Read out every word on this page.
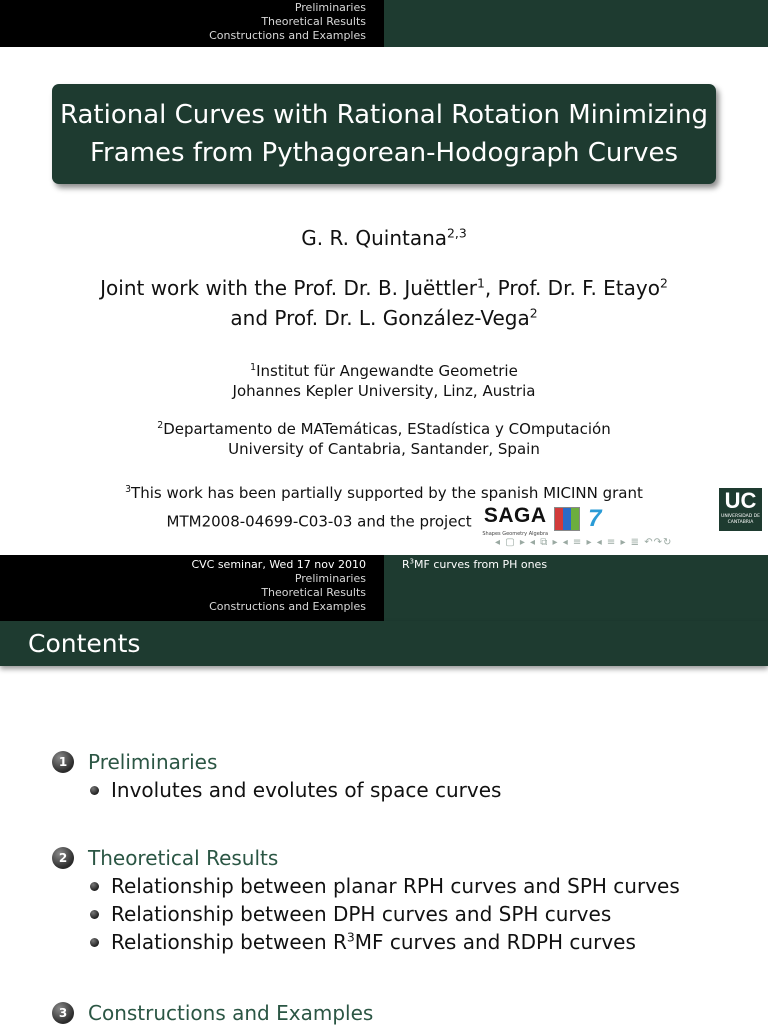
Preliminaries
Theoretical Results
Constructions and Examples
Rational Curves with Rational Rotation Minimizing
Frames from Pythagorean-Hodograph Curves
G. R. Quintana$^{2,3}$
Joint work with the Prof. Dr. B. Juëttler$^1$, Prof. Dr. F. Etayo$^2$
and Prof. Dr. L. González-Vega$^2$
$^1$Institut für Angewandte Geometrie
Johannes Kepler University, Linz, Austria
$^2$Departamento de MATemáticas, EStadística y COmputación
University of Cantabria, Santander, Spain
$^3$This work has been partially supported by the spanish MICINN grant
MTM2008-04699-C03-03 and the project SAGA
Shapes Geometry Algebra
7
UC
UNIVERSIDAD DE CANTABRIA
◂ ▢ ▸ ◂ ⧉ ▸ ◂ ≡ ▸ ◂ ≡ ▸ ≣ ↶↷↻
CVC seminar, Wed 17 nov 2010
Preliminaries
Theoretical Results
Constructions and Examples
$R^3MF$ curves from PH ones
Contents
1	Preliminaries
Involutes and evolutes of space curves
2	Theoretical Results
Relationship between planar RPH curves and SPH curves
Relationship between DPH curves and SPH curves
Relationship between $R^3MF$ curves and RDPH curves
3	Constructions and Examples
